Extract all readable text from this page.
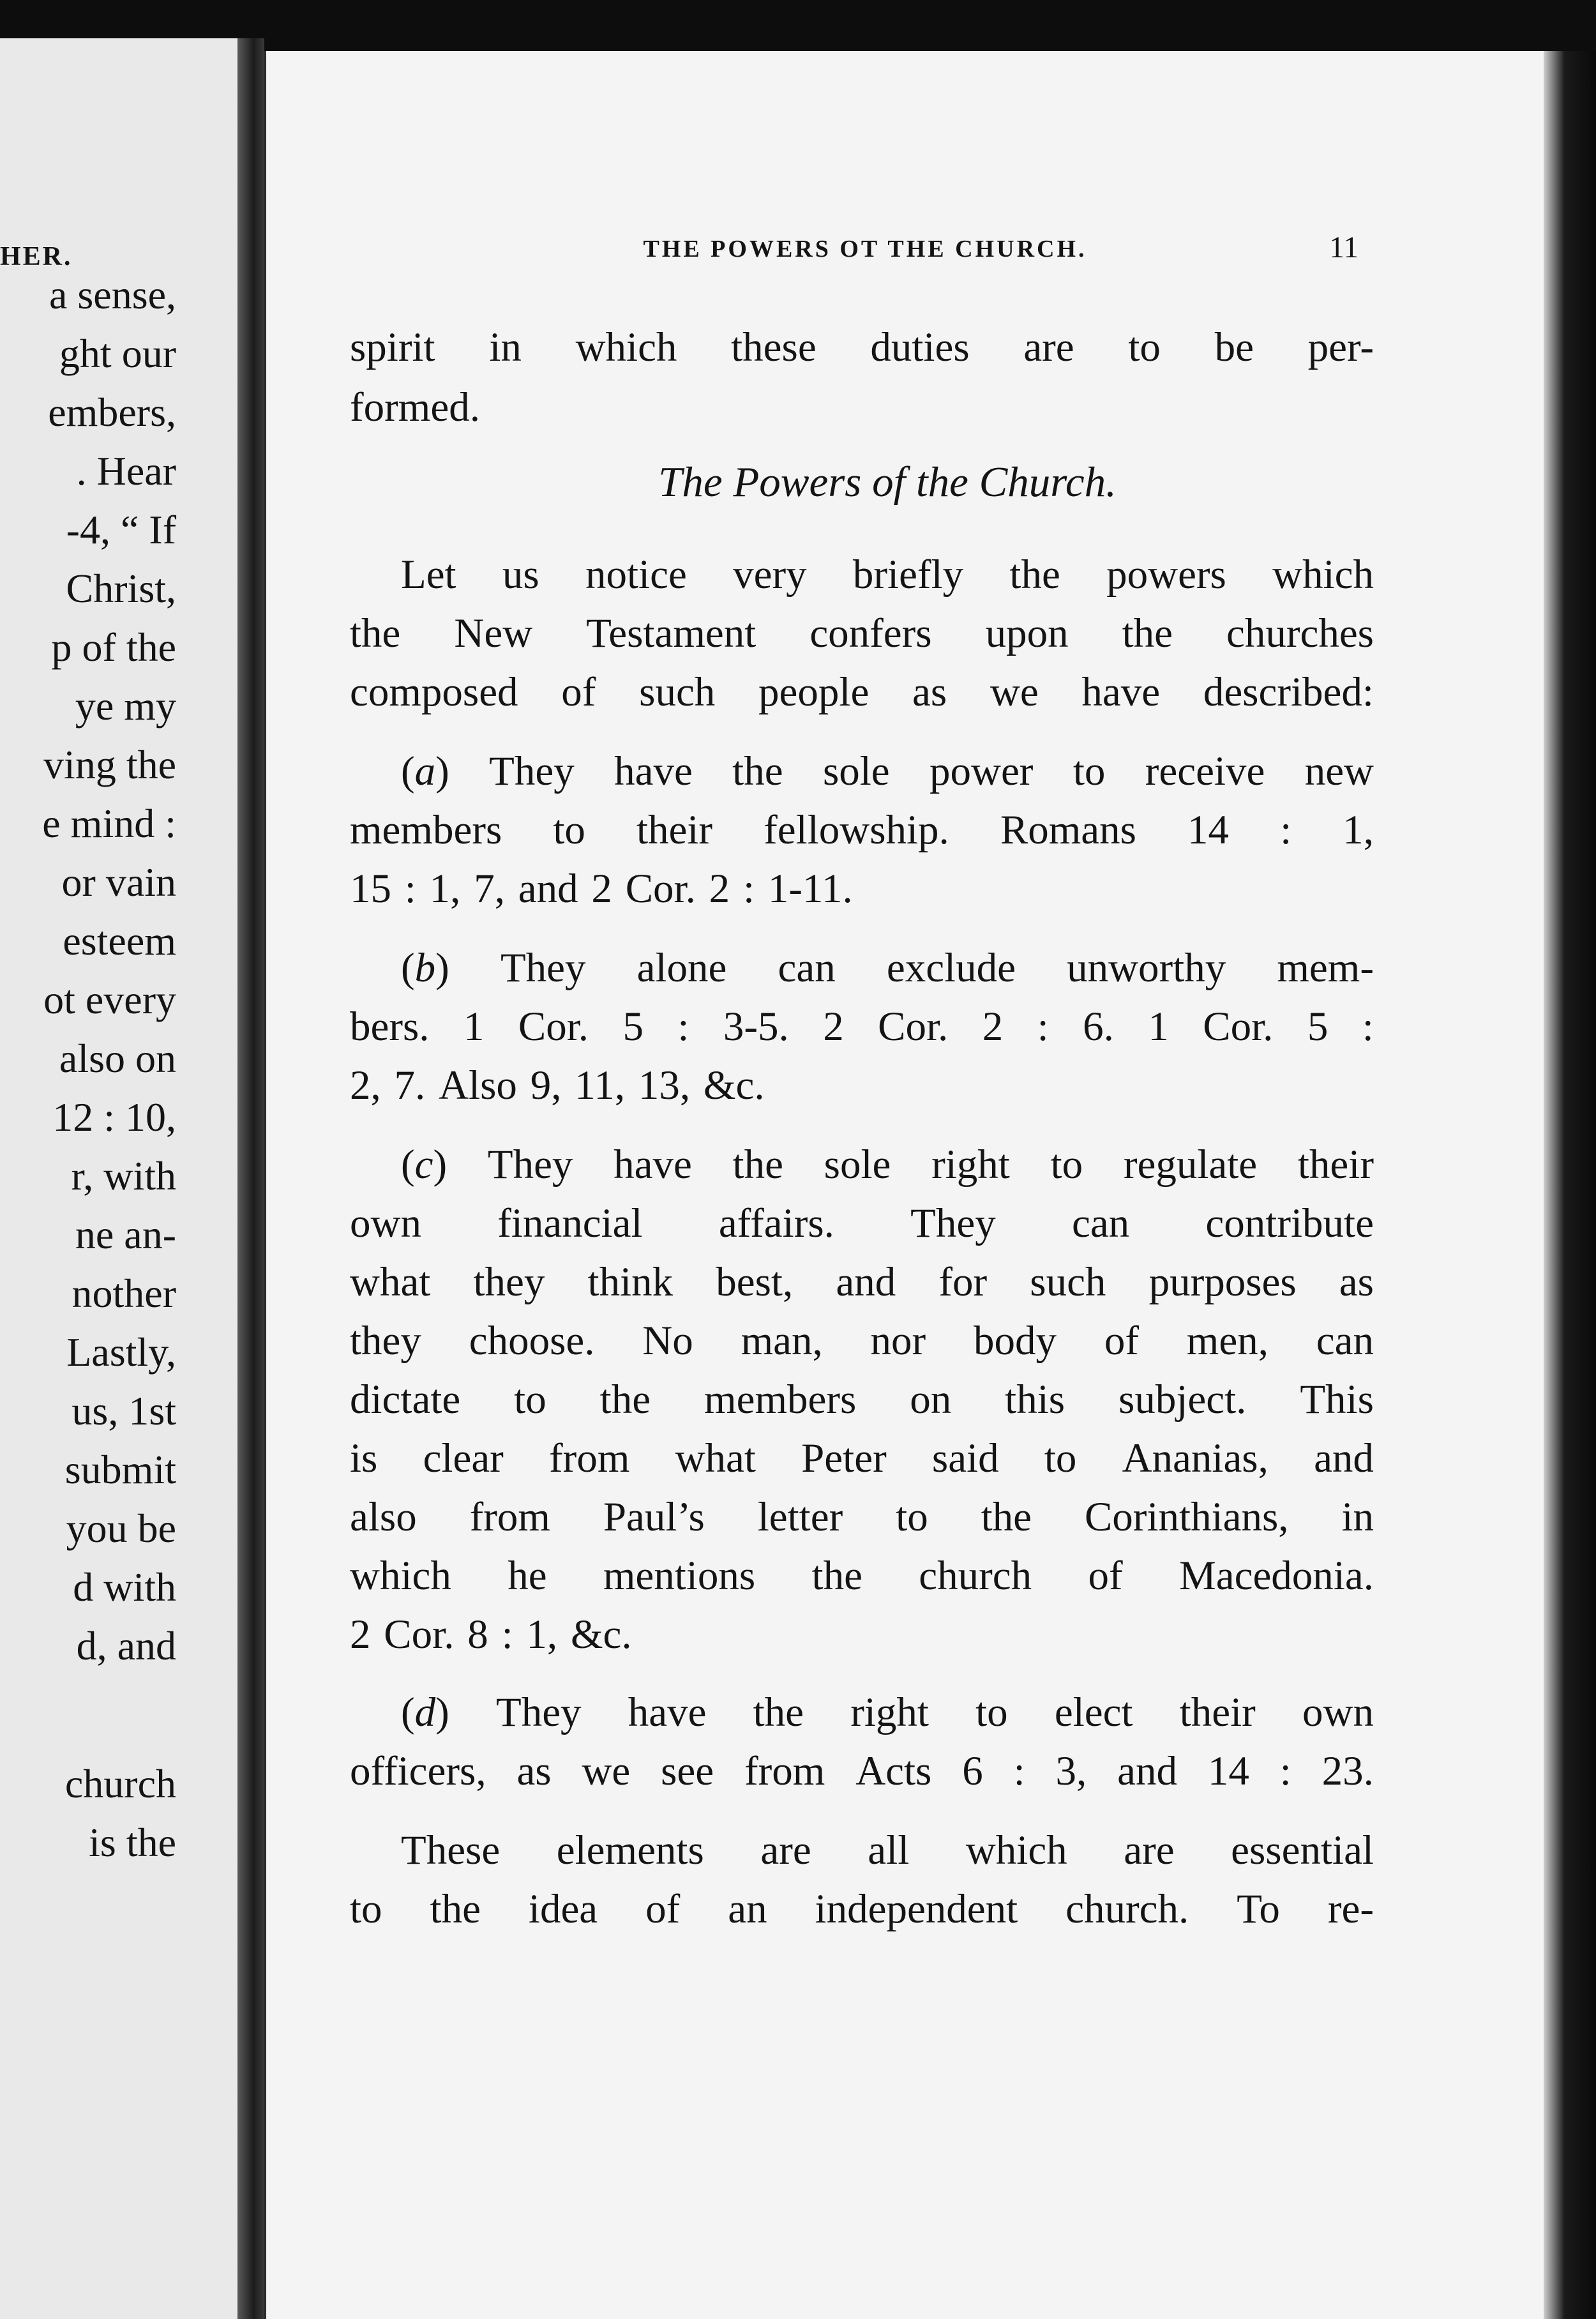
HER.
a sense,
ght our
embers,
. Hear
-4, “ If
Christ,
p of the
ye my
ving the
e mind :
or vain
esteem
ot every
also on
12 : 10,
r, with
ne an-
nother
Lastly,
us, 1st
submit
you be
d with
d, and
church
is the
THE POWERS OT THE CHURCH.	11
The Powers of the Church.
spirit in which these duties are to be per-
formed.
Let us notice very briefly the powers which
the New Testament confers upon the churches
composed of such people as we have described:
(a) They have the sole power to receive new
members to their fellowship. Romans 14 : 1,
15 : 1, 7, and 2 Cor. 2 : 1-11.
(b) They alone can exclude unworthy mem-
bers. 1 Cor. 5 : 3-5. 2 Cor. 2 : 6. 1 Cor. 5 :
2, 7. Also 9, 11, 13, &c.
(c) They have the sole right to regulate their
own financial affairs. They can contribute
what they think best, and for such purposes as
they choose. No man, nor body of men, can
dictate to the members on this subject. This
is clear from what Peter said to Ananias, and
also from Paul’s letter to the Corinthians, in
which he mentions the church of Macedonia.
2 Cor. 8 : 1, &c.
(d) They have the right to elect their own
officers, as we see from Acts 6 : 3, and 14 : 23.
These elements are all which are essential
to the idea of an independent church. To re-
